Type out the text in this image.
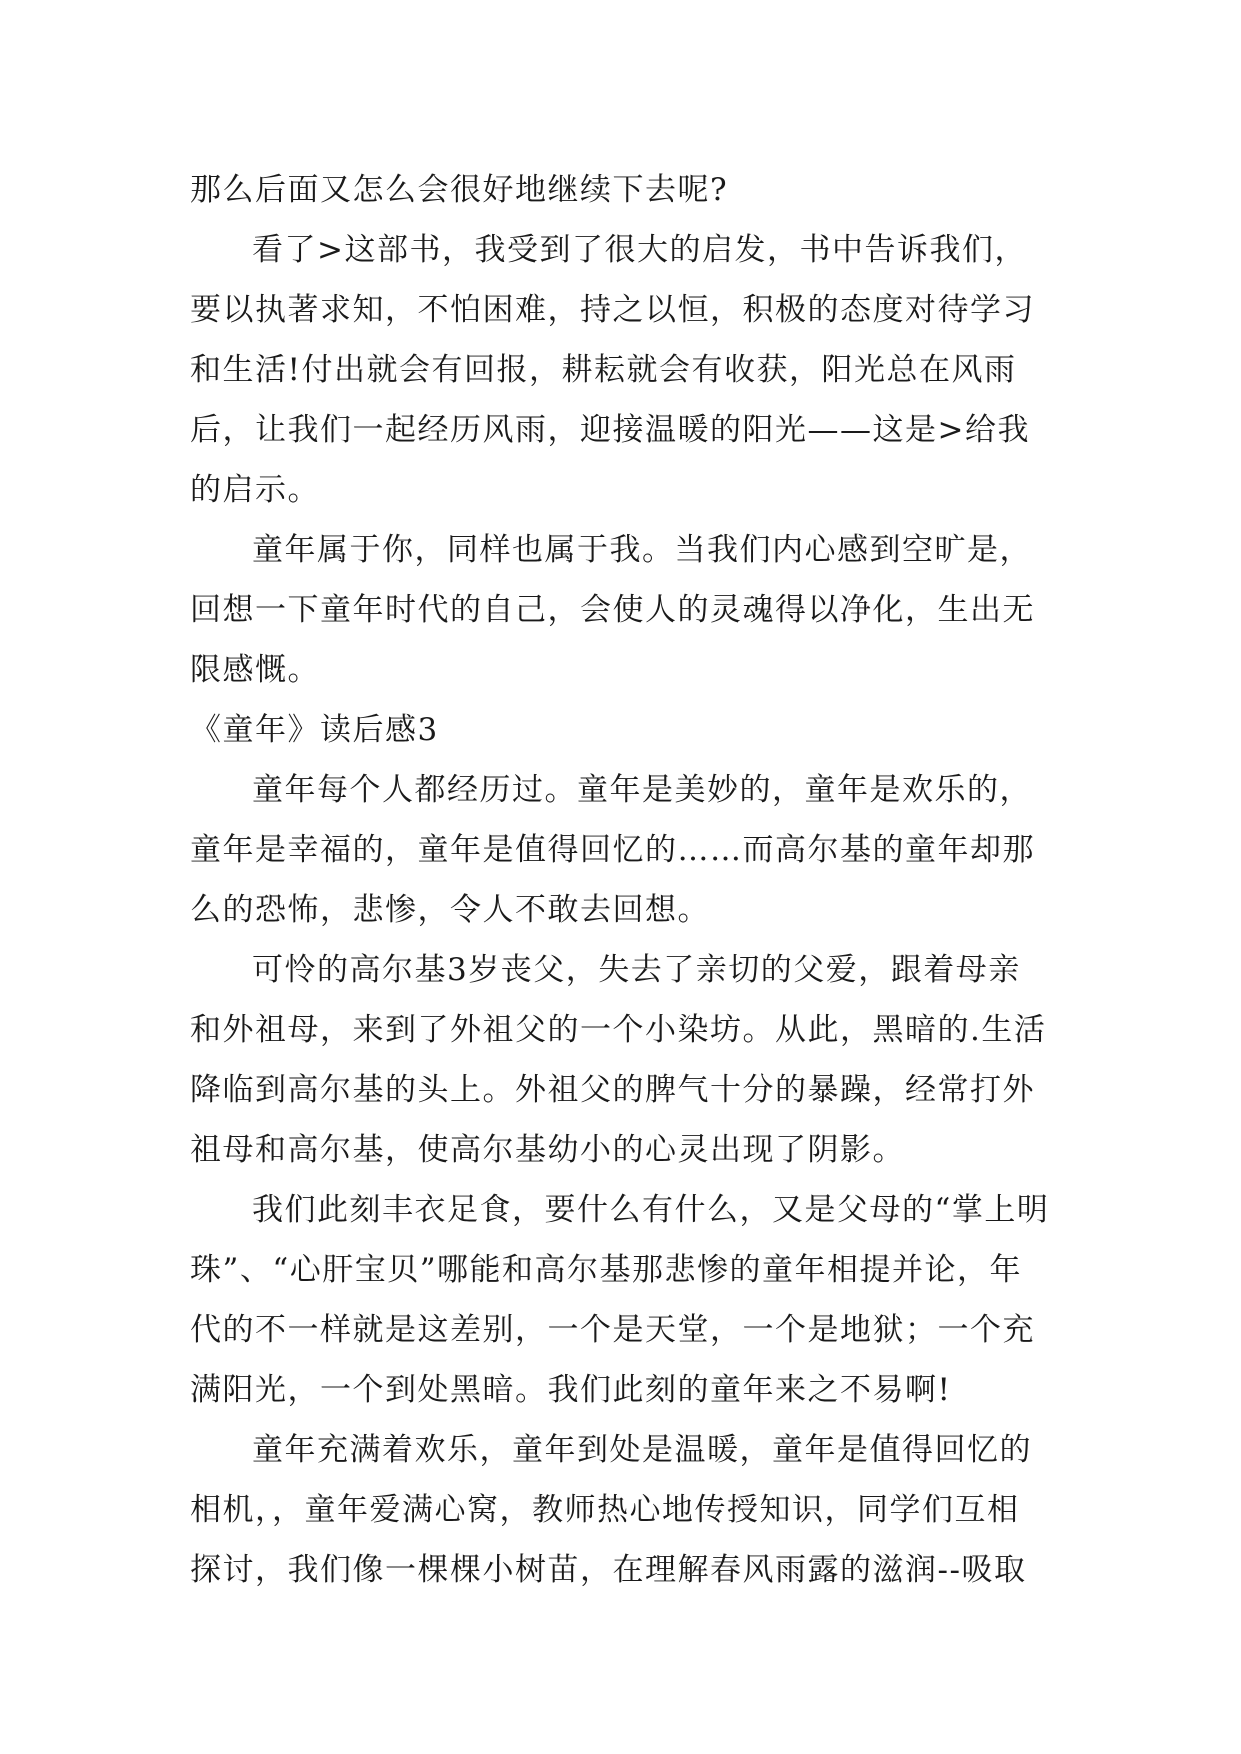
那么后面又怎么会很好地继续下去呢?

看了>这部书，我受到了很大的启发，书中告诉我们，要以执著求知，不怕困难，持之以恒，积极的态度对待学习和生活!付出就会有回报，耕耘就会有收获，阳光总在风雨后，让我们一起经历风雨，迎接温暖的阳光——这是>给我的启示。

童年属于你，同样也属于我。当我们内心感到空旷是，回想一下童年时代的自己，会使人的灵魂得以净化，生出无限感慨。

《童年》读后感3

童年每个人都经历过。童年是美妙的，童年是欢乐的，童年是幸福的，童年是值得回忆的……而高尔基的童年却那么的恐怖，悲惨，令人不敢去回想。

可怜的高尔基3岁丧父，失去了亲切的父爱，跟着母亲和外祖母，来到了外祖父的一个小染坊。从此，黑暗的.生活降临到高尔基的头上。外祖父的脾气十分的暴躁，经常打外祖母和高尔基，使高尔基幼小的心灵出现了阴影。

我们此刻丰衣足食，要什么有什么，又是父母的“掌上明珠”、“心肝宝贝”哪能和高尔基那悲惨的童年相提并论，年代的不一样就是这差别，一个是天堂，一个是地狱；一个充满阳光，一个到处黑暗。我们此刻的童年来之不易啊!

童年充满着欢乐，童年到处是温暖，童年是值得回忆的相机，，童年爱满心窝，教师热心地传授知识，同学们互相探讨，我们像一棵棵小树苗，在理解春风雨露的滋润--吸取
